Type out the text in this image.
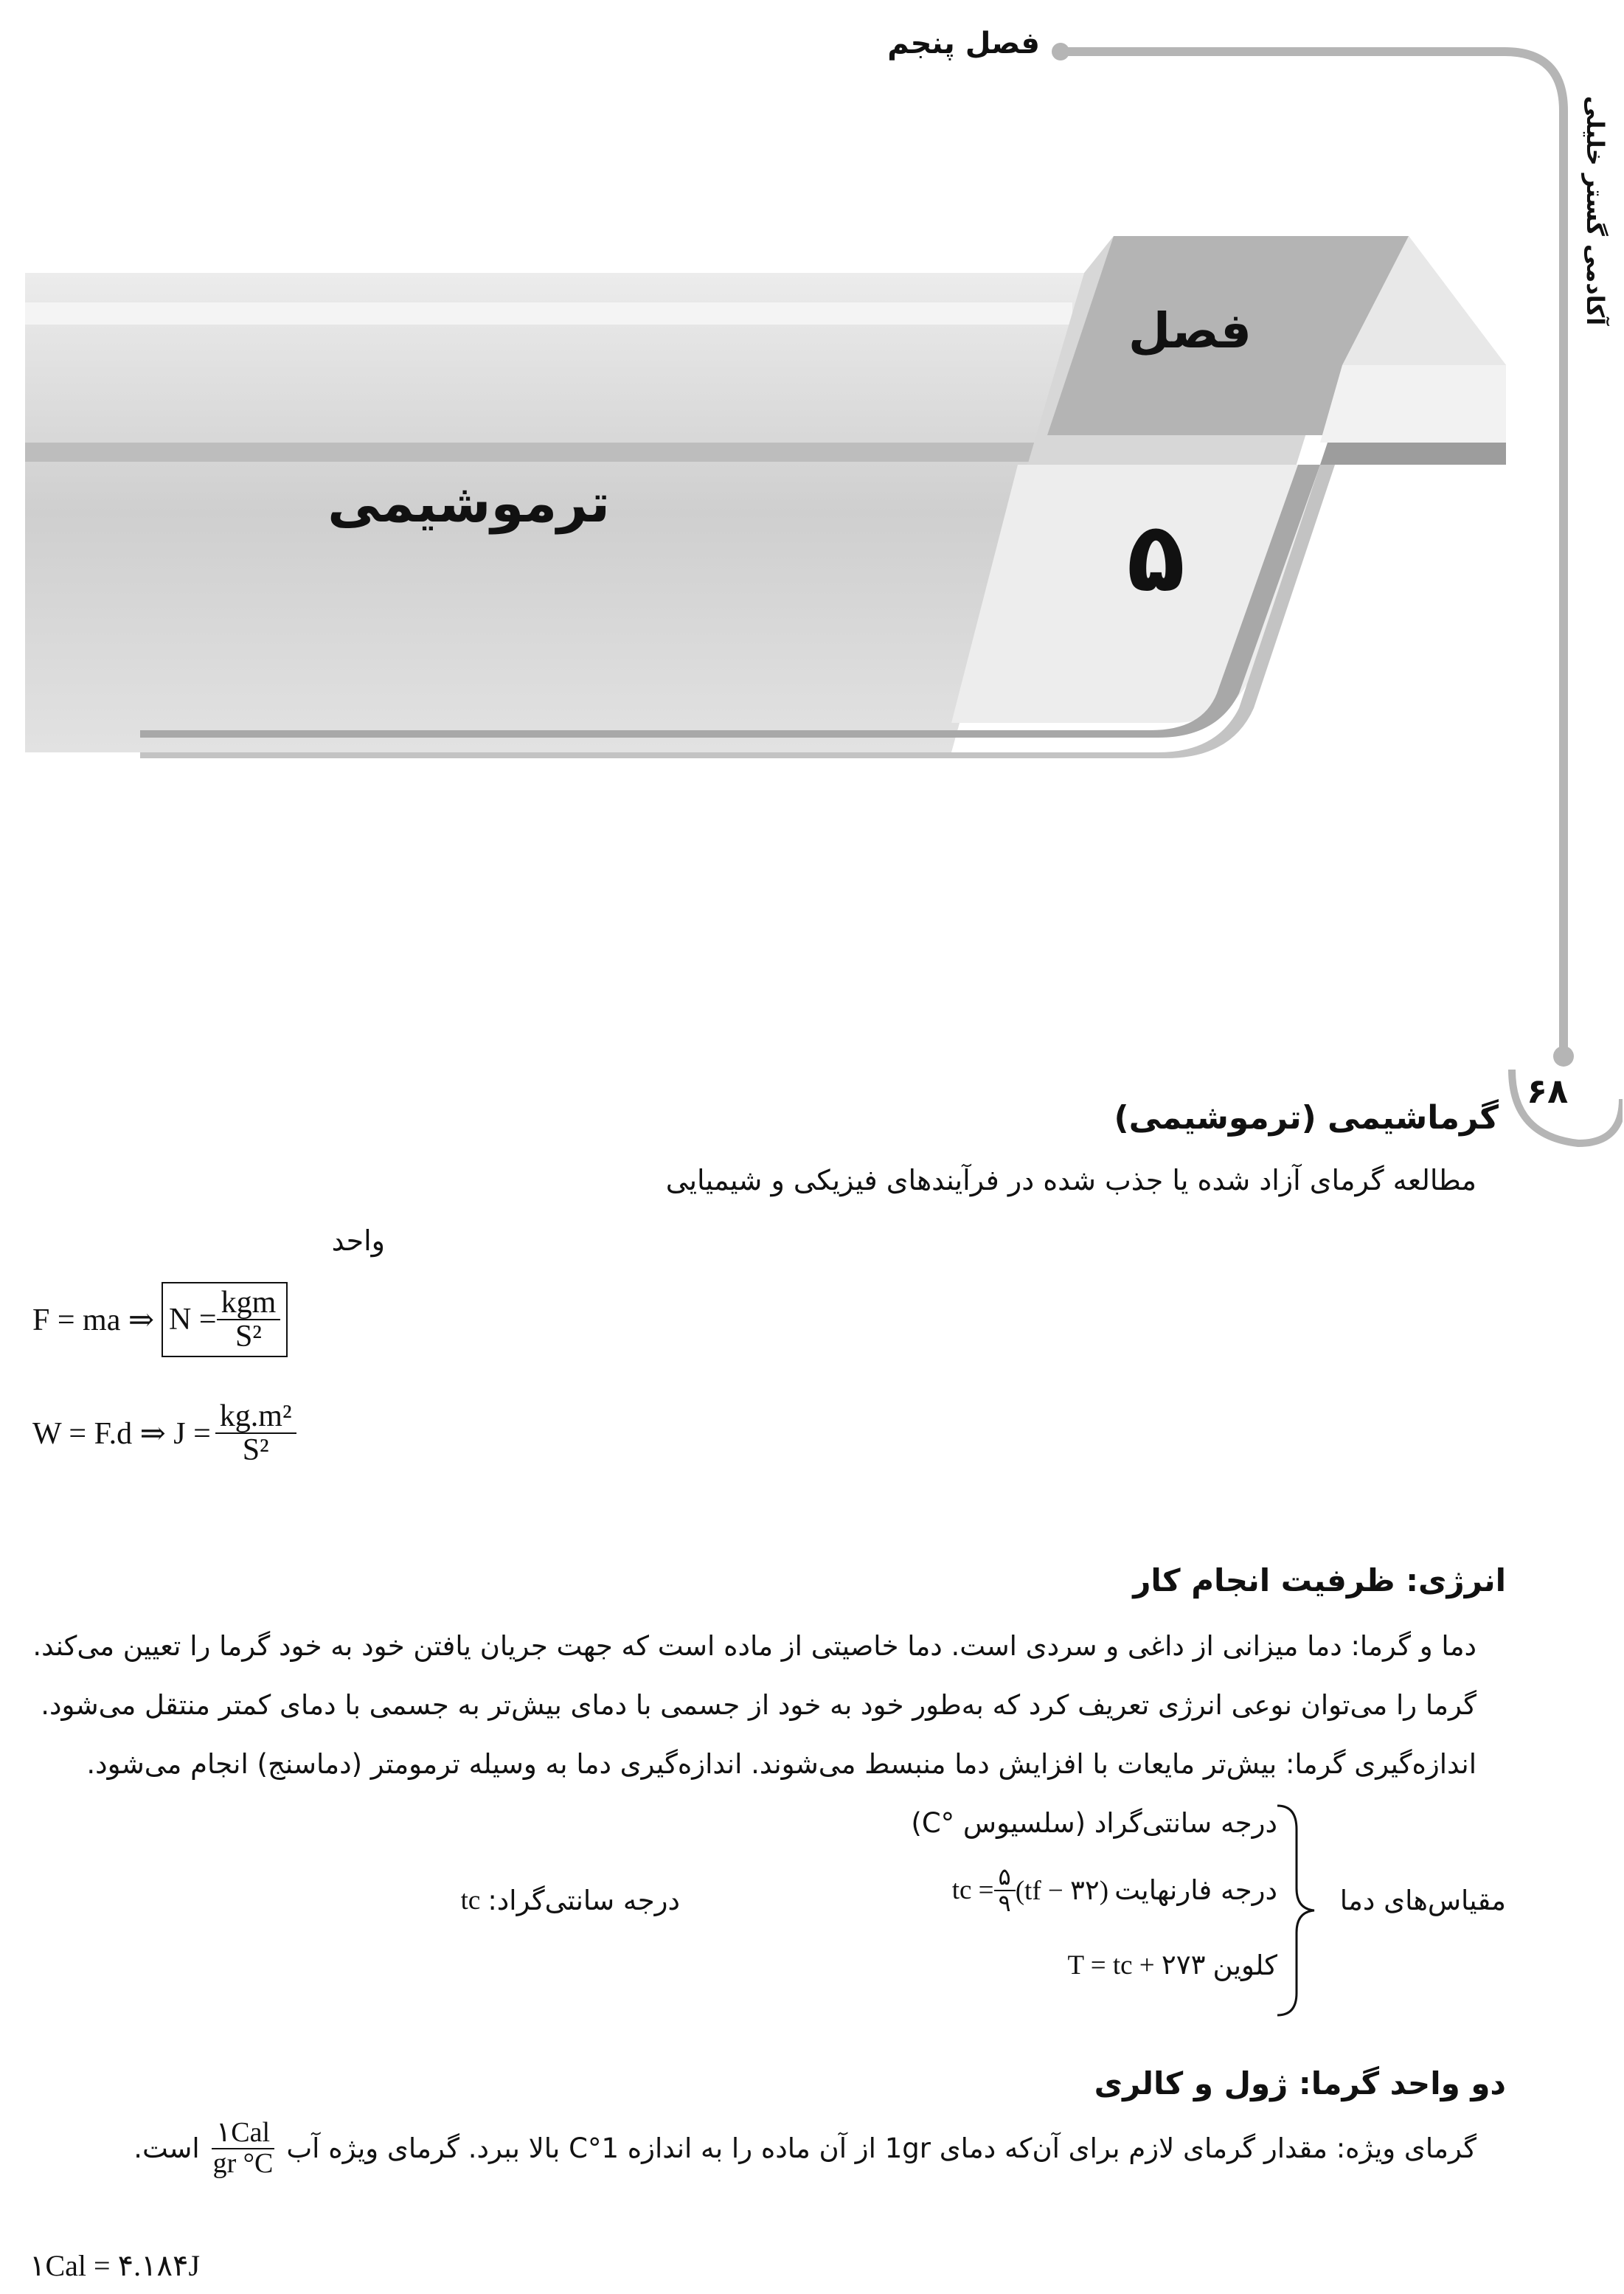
فصل پنجم
آکادمی گستر خلیلی
۶۸
فصل
۵
ترموشیمی
گرماشیمی (ترموشیمی)
مطالعه گرمای آزاد شده یا جذب شده در فرآیندهای فیزیکی و شیمیایی
واحد
F = ma ⇒ $N = \frac{\text{kgm}}{\text{S²}}$
W = F.d ⇒ $J = \frac{\text{kg.m²}}{\text{S²}}$
انرژی: ظرفیت انجام کار
دما و گرما: دما میزانی از داغی و سردی است. دما خاصیتی از ماده است که جهت جریان یافتن خود به خود گرما را تعیین می‌کند.
گرما را می‌توان نوعی انرژی تعریف کرد که به‌طور خود به خود از جسمی با دمای بیش‌تر به جسمی با دمای کمتر منتقل می‌شود.
اندازه‌گیری گرما: بیش‌تر مایعات با افزایش دما منبسط می‌شوند. اندازه‌گیری دما به وسیله ترمومتر (دماسنج) انجام می‌شود.
مقیاس‌های دما
درجه سانتی‌گراد (سلسیوس °C)
درجه فارنهایت
tc = $\frac{۵}{۹} (tf$ − ۳۲)
کلوین
T = tc + ۲۷۳
درجه سانتی‌گراد:
tc
دو واحد گرما: ژول و کالری
گرمای ویژه: مقدار گرمای لازم برای آن‌که دمای 1gr از آن ماده را به اندازه 1°C بالا ببرد. گرمای ویژه آب
$\frac{\text{۱Cal}}{gr ^\circ C}$
است.
۱Cal = ۴.۱۸۴J
